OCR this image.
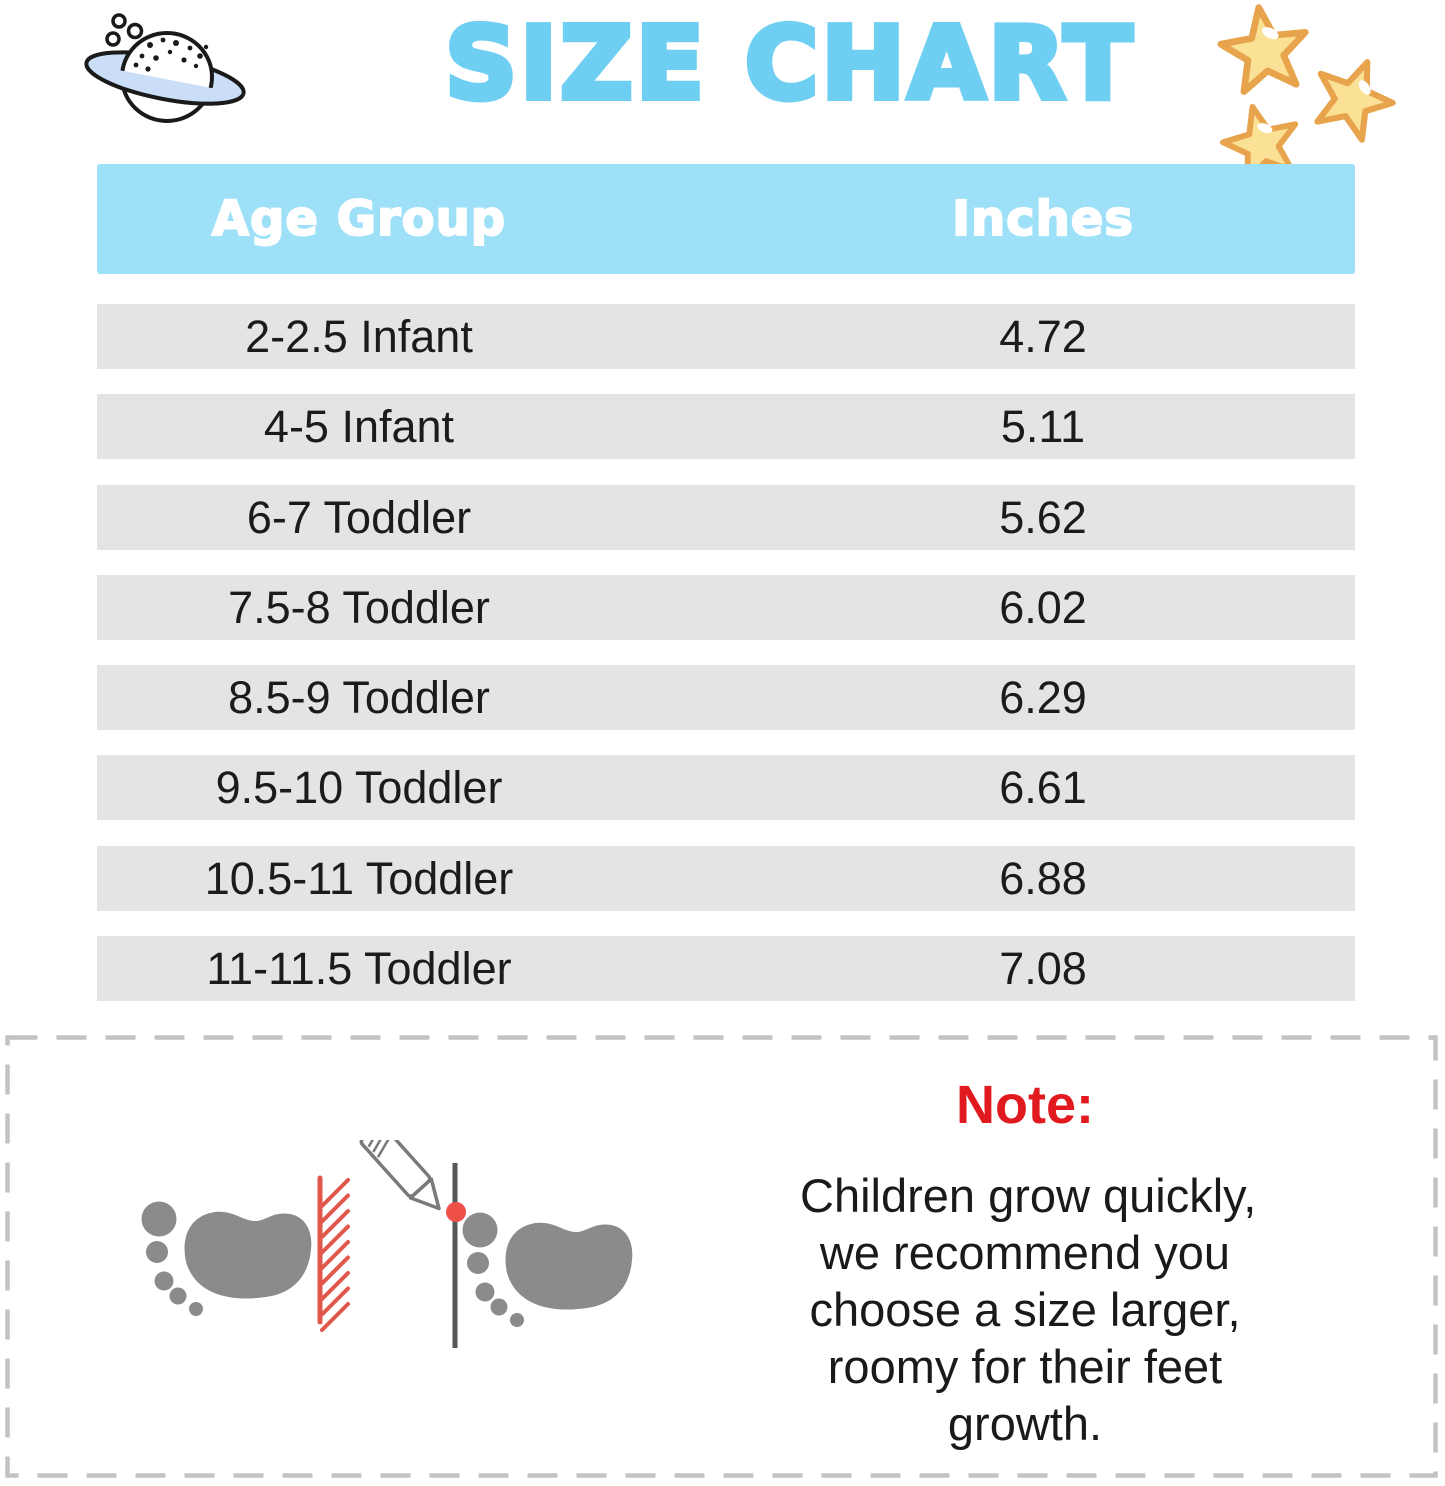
SIZE CHART
Age Group	Inches
2-2.5 Infant	4.72
4-5 Infant	5.11
6-7 Toddler	5.62
7.5-8 Toddler	6.02
8.5-9 Toddler	6.29
9.5-10 Toddler	6.61
10.5-11 Toddler	6.88
11-11.5 Toddler	7.08
Note:
Children grow quickly,
we recommend you
choose a size larger,
roomy for their feet
growth.
